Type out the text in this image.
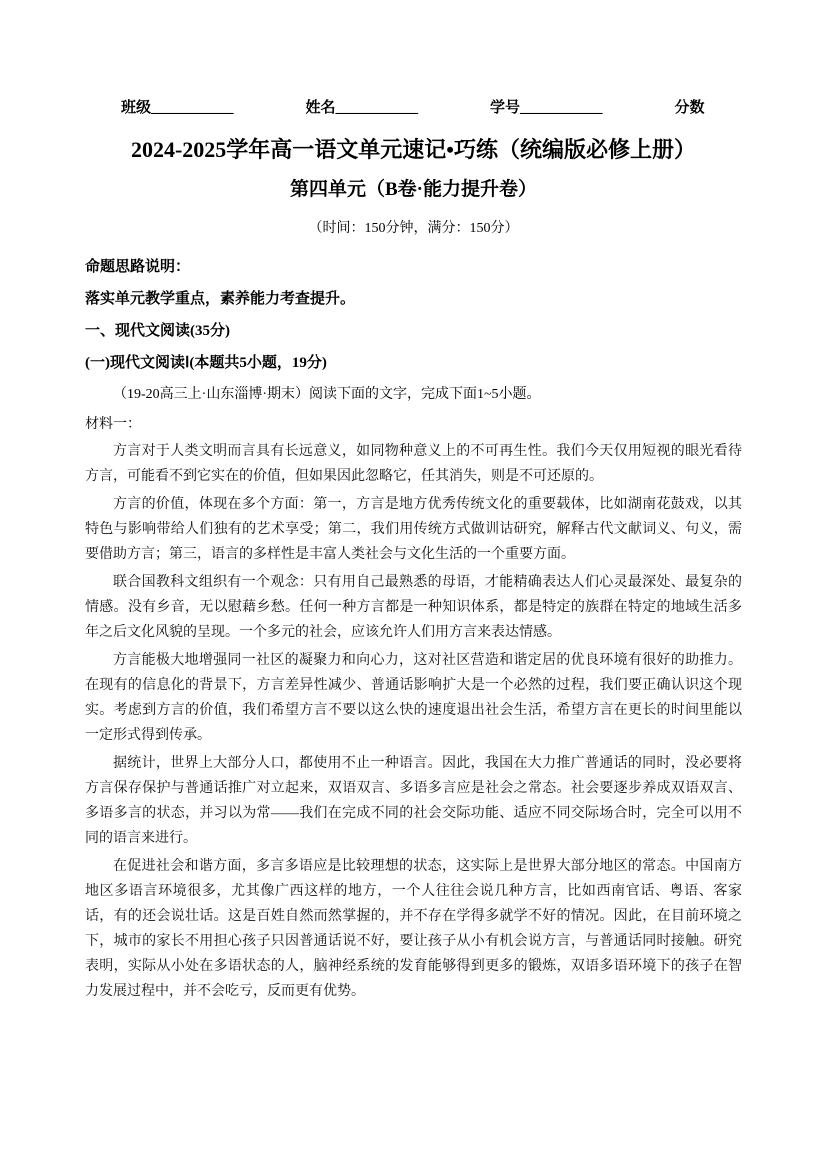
班级___________	姓名___________	学号___________	分数
2024-2025学年高一语文单元速记•巧练（统编版必修上册）
第四单元（B卷·能力提升卷）
（时间：150分钟，满分：150分）
命题思路说明：
落实单元教学重点，素养能力考查提升。
一、现代文阅读(35分)
(一)现代文阅读Ⅰ(本题共5小题，19分)
（19-20高三上·山东淄博·期末）阅读下面的文字，完成下面1~5小题。
材料一：

方言对于人类文明而言具有长远意义，如同物种意义上的不可再生性。我们今天仅用短视的眼光看待方言，可能看不到它实在的价值，但如果因此忽略它，任其消失，则是不可还原的。

方言的价值，体现在多个方面：第一，方言是地方优秀传统文化的重要载体，比如湖南花鼓戏，以其特色与影响带给人们独有的艺术享受；第二，我们用传统方式做训诂研究，解释古代文献词义、句义，需要借助方言；第三，语言的多样性是丰富人类社会与文化生活的一个重要方面。

联合国教科文组织有一个观念：只有用自己最熟悉的母语，才能精确表达人们心灵最深处、最复杂的情感。没有乡音，无以慰藉乡愁。任何一种方言都是一种知识体系，都是特定的族群在特定的地域生活多年之后文化风貌的呈现。一个多元的社会，应该允许人们用方言来表达情感。

方言能极大地增强同一社区的凝聚力和向心力，这对社区营造和谐定居的优良环境有很好的助推力。在现有的信息化的背景下，方言差异性减少、普通话影响扩大是一个必然的过程，我们要正确认识这个现实。考虑到方言的价值，我们希望方言不要以这么快的速度退出社会生活，希望方言在更长的时间里能以一定形式得到传承。

据统计，世界上大部分人口，都使用不止一种语言。因此，我国在大力推广普通话的同时，没必要将方言保存保护与普通话推广对立起来，双语双言、多语多言应是社会之常态。社会要逐步养成双语双言、多语多言的状态，并习以为常——我们在完成不同的社会交际功能、适应不同交际场合时，完全可以用不同的语言来进行。

在促进社会和谐方面，多言多语应是比较理想的状态，这实际上是世界大部分地区的常态。中国南方地区多语言环境很多，尤其像广西这样的地方，一个人往往会说几种方言，比如西南官话、粤语、客家话，有的还会说壮话。这是百姓自然而然掌握的，并不存在学得多就学不好的情况。因此，在目前环境之下，城市的家长不用担心孩子只因普通话说不好，要让孩子从小有机会说方言，与普通话同时接触。研究表明，实际从小处在多语状态的人，脑神经系统的发育能够得到更多的锻炼，双语多语环境下的孩子在智力发展过程中，并不会吃亏，反而更有优势。
